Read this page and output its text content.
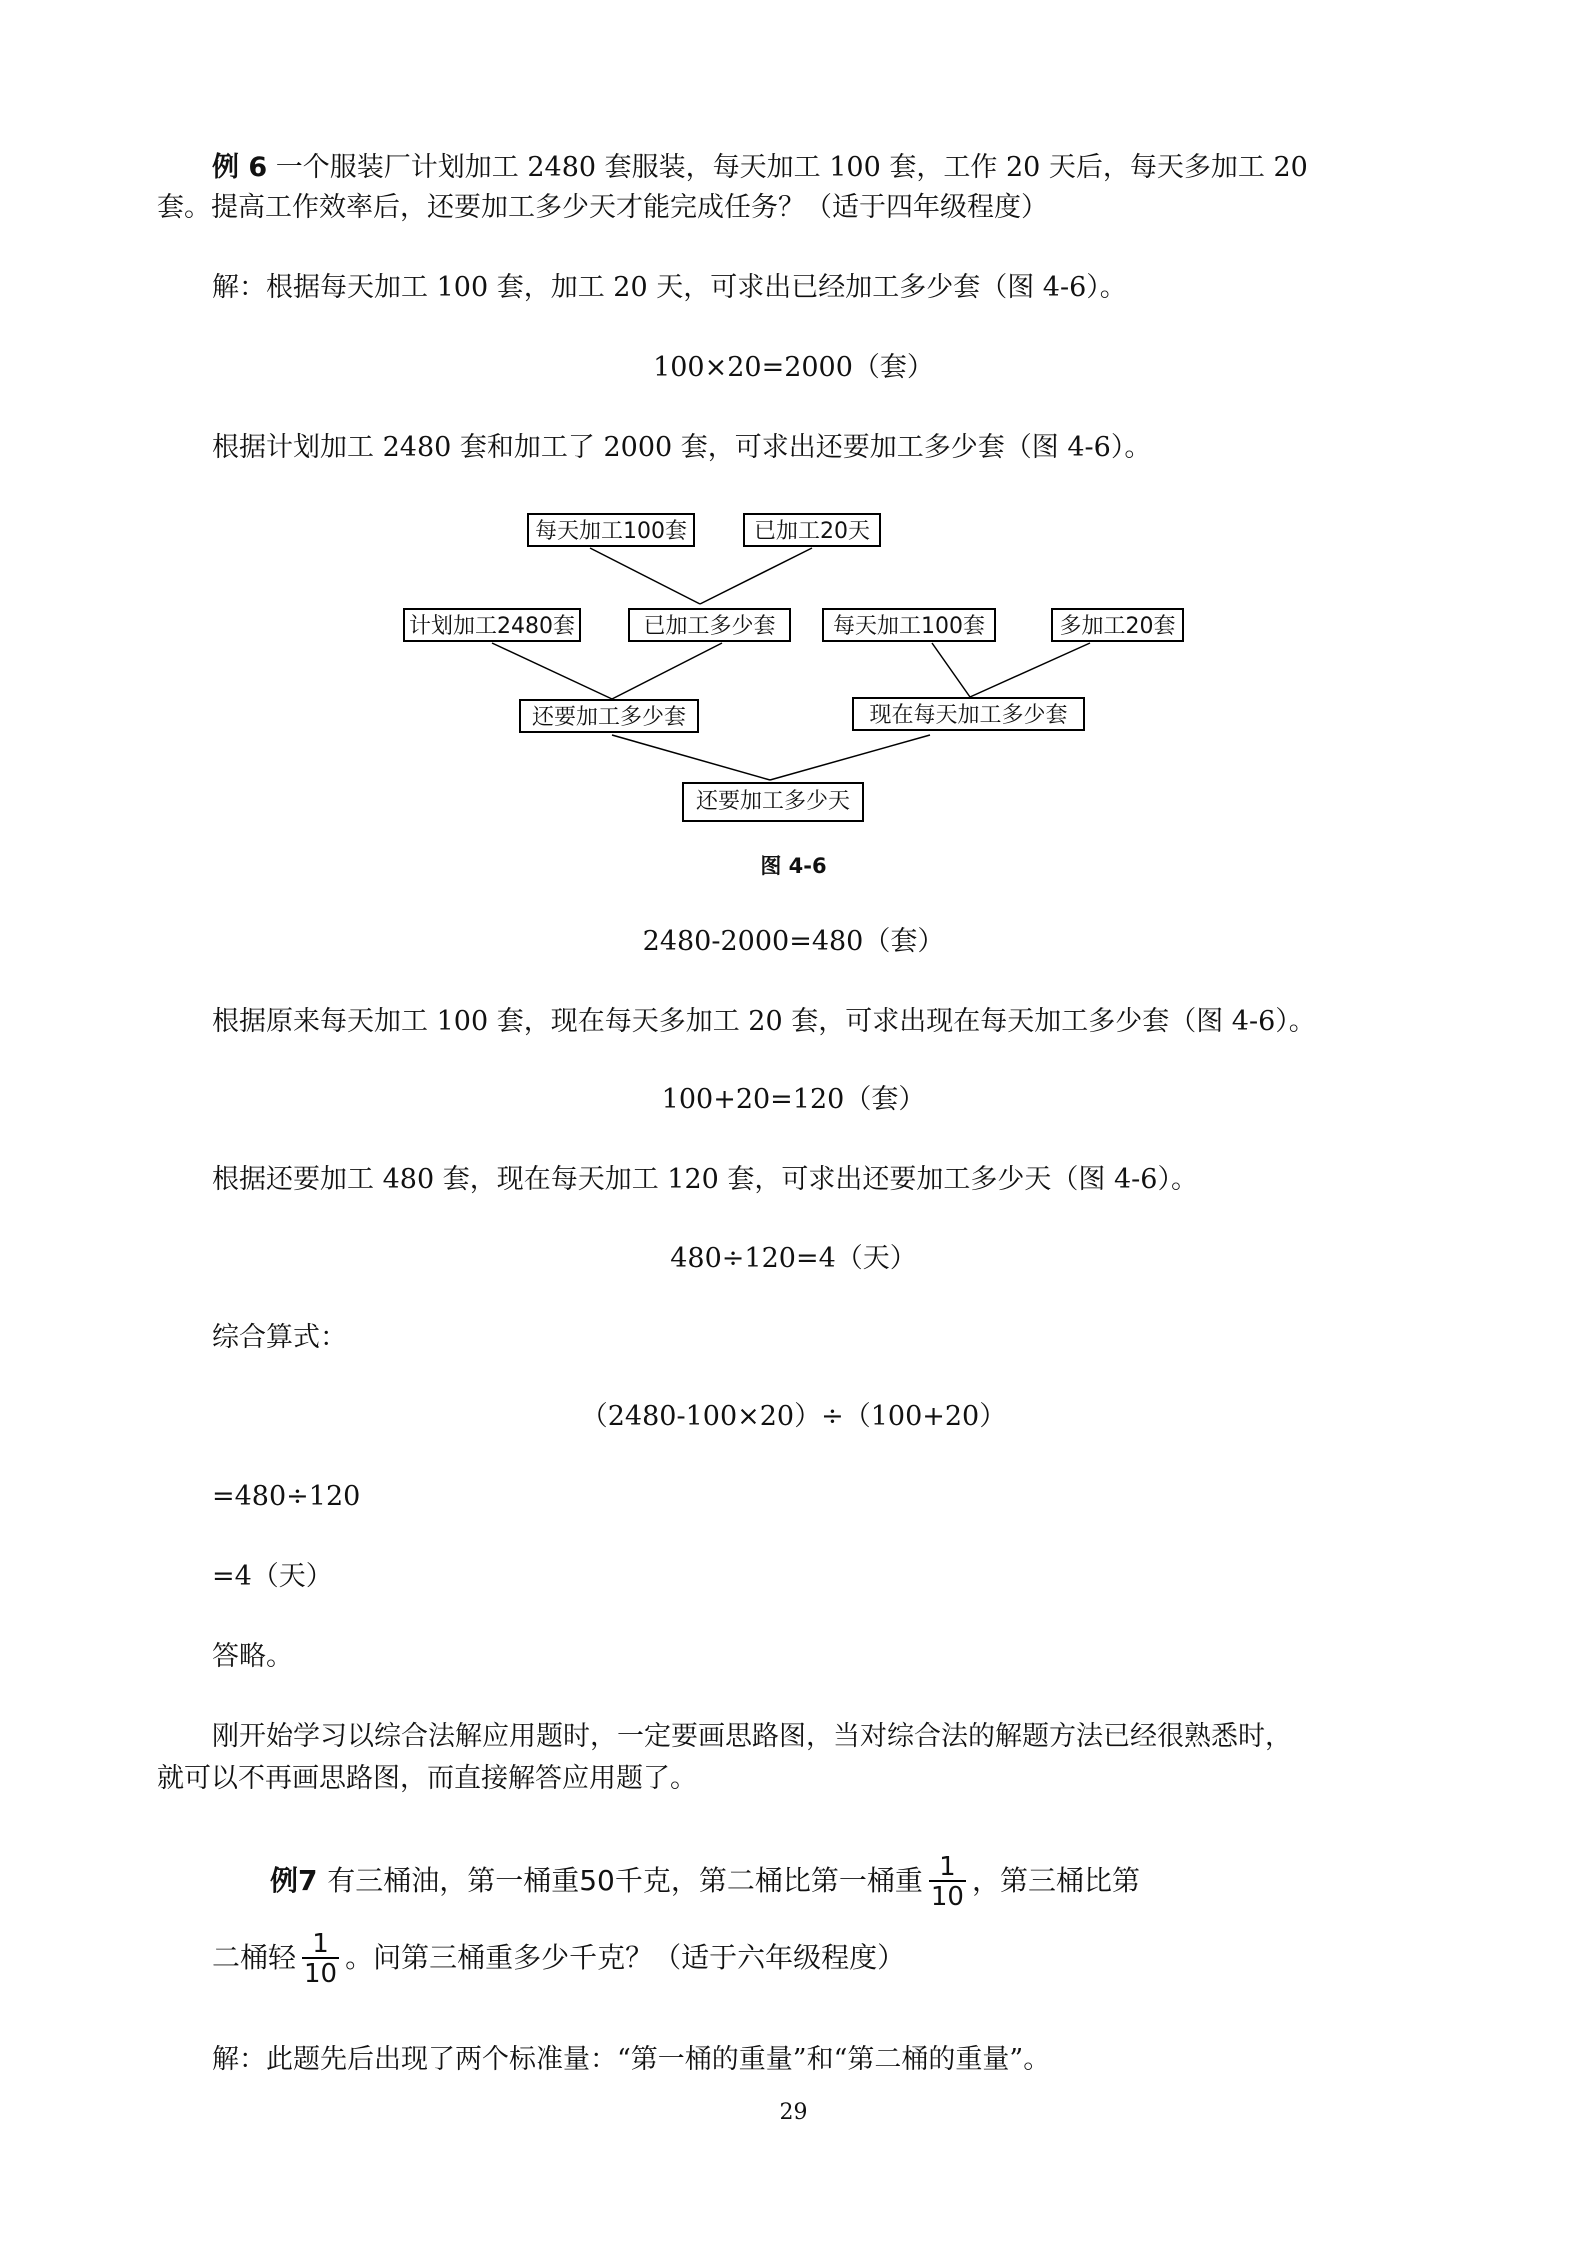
例 6 一个服装厂计划加工 2480 套服装，每天加工 100 套，工作 20 天后，每天多加工 20
套。提高工作效率后，还要加工多少天才能完成任务？（适于四年级程度）
解：根据每天加工 100 套，加工 20 天，可求出已经加工多少套（图 4-6）。
100×20=2000（套）
根据计划加工 2480 套和加工了 2000 套，可求出还要加工多少套（图 4-6）。
每天加工100套	已加工20天
计划加工2480套	已加工多少套	每天加工100套	多加工20套
还要加工多少套	现在每天加工多少套
还要加工多少天
图 4-6
2480-2000=480（套）
根据原来每天加工 100 套，现在每天多加工 20 套，可求出现在每天加工多少套（图 4-6）。
100+20=120（套）
根据还要加工 480 套，现在每天加工 120 套，可求出还要加工多少天（图 4-6）。
480÷120=4（天）
综合算式：
（2480-100×20）÷（100+20）
=480÷120
=4（天）
答略。
刚开始学习以综合法解应用题时，一定要画思路图，当对综合法的解题方法已经很熟悉时，
就可以不再画思路图，而直接解答应用题了。
例7 有三桶油，第一桶重50千克，第二桶比第一桶重 $\frac{1}{10}$ ，第三桶比第
二桶轻 $\frac{1}{10}$ 。问第三桶重多少千克？（适于六年级程度）
解：此题先后出现了两个标准量：“第一桶的重量”和“第二桶的重量”。
29
